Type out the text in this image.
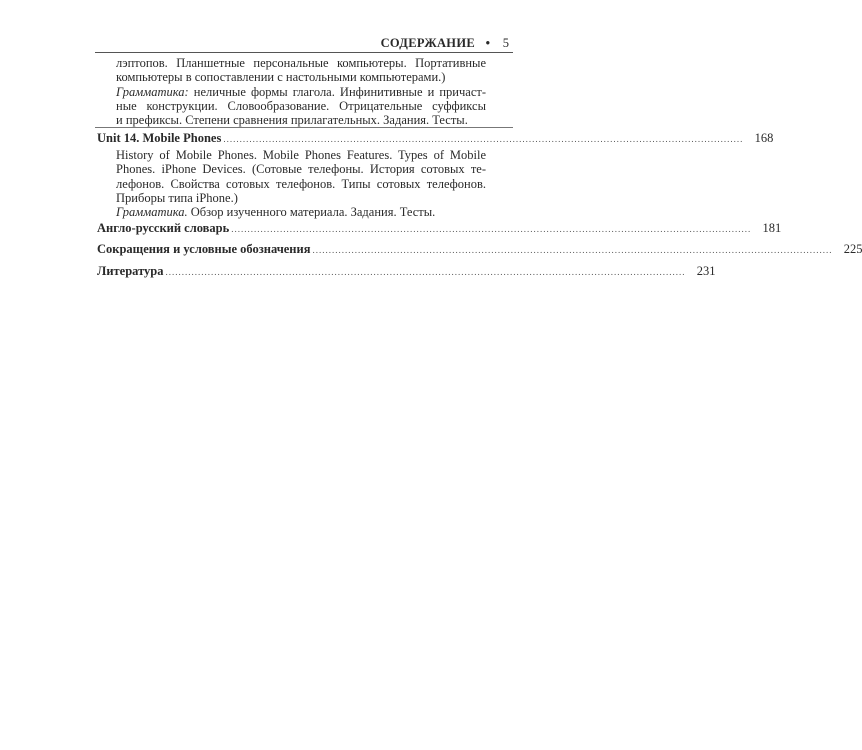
СОДЕРЖАНИЕ • 5
лэптопов. Планшетные персональные компьютеры. Портативные
компьютеры в сопоставлении с настольными компьютерами.)
Грамматика: неличные формы глагола. Инфинитивные и причаст-
ные конструкции. Словообразование. Отрицательные суффиксы
и префиксы. Степени сравнения прилагательных. Задания. Тесты.
Unit 14. Mobile Phones ................................................................................................................................................................ 168
History of Mobile Phones. Mobile Phones Features. Types of Mobile
Phones. iPhone Devices. (Сотовые телефоны. История сотовых те-
лефонов. Свойства сотовых телефонов. Типы сотовых телефонов.
Приборы типа iPhone.)
Грамматика. Обзор изученного материала. Задания. Тесты.
Англо-русский словарь ................................................................................................................................................................ 181
Сокращения и условные обозначения ................................................................................................................................................................ 225
Литература ................................................................................................................................................................ 231
